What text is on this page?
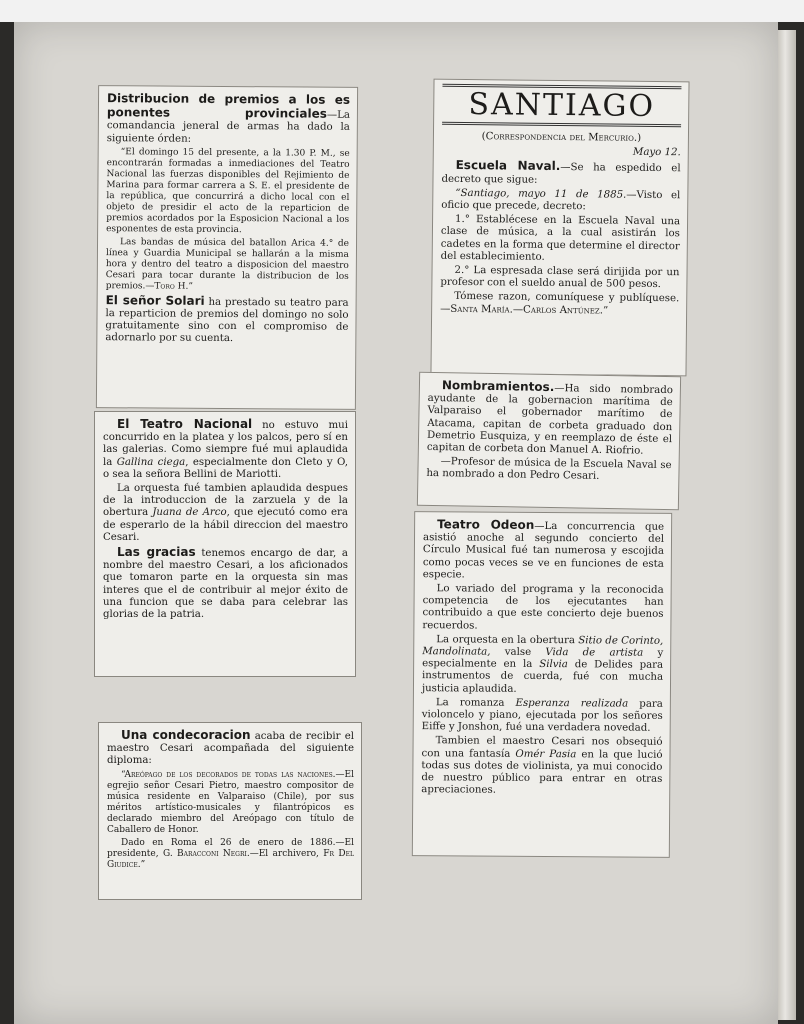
Distribucion de premios a los es ponentes provinciales—La comandancia jeneral de armas ha dado la siguiente órden:

“El domingo 15 del presente, a la 1.30 P. M., se encontrarán formadas a inmediaciones del Teatro Nacional las fuerzas disponibles del Rejimiento de Marina para formar carrera a S. E. el presidente de la república, que concurrirá a dicho local con el objeto de presidir el acto de la reparticion de premios acordados por la Esposicion Nacional a los esponentes de esta provincia.

Las bandas de música del batallon Arica 4.° de línea y Guardia Municipal se hallarán a la misma hora y dentro del teatro a disposicion del maestro Cesari para tocar durante la distribucion de los premios.—Toro H.”

El señor Solari ha prestado su teatro para la reparticion de premios del domingo no solo gratuitamente sino con el compromiso de adornarlo por su cuenta.

El Teatro Nacional no estuvo mui concurrido en la platea y los palcos, pero sí en las galerias. Como siempre fué mui aplaudida la Gallina ciega, especialmente don Cleto y O, o sea la señora Bellini de Mariotti.

La orquesta fué tambien aplaudida despues de la introduccion de la zarzuela y de la obertura Juana de Arco, que ejecutó como era de esperarlo de la hábil direccion del maestro Cesari.

Las gracias tenemos encargo de dar, a nombre del maestro Cesari, a los aficionados que tomaron parte en la orquesta sin mas interes que el de contribuir al mejor éxito de una funcion que se daba para celebrar las glorias de la patria.

Una condecoracion acaba de recibir el maestro Cesari acompañada del siguiente diploma:

“Areópago de los decorados de todas las naciones.—El egrejio señor Cesari Pietro, maestro compositor de música residente en Valparaiso (Chile), por sus méritos artístico-musicales y filantrópicos es declarado miembro del Areópago con título de Caballero de Honor.

Dado en Roma el 26 de enero de 1886.—El presidente, G. Baracconi Negri.—El archivero, Fr Del Giudice.”

SANTIAGO

(Correspondencia del Mercurio.)

Mayo 12.

Escuela Naval.—Se ha espedido el decreto que sigue:

“Santiago, mayo 11 de 1885.—Visto el oficio que precede, decreto:

1.° Establécese en la Escuela Naval una clase de música, a la cual asistirán los cadetes en la forma que determine el director del establecimiento.

2.° La espresada clase será dirijida por un profesor con el sueldo anual de 500 pesos.

Tómese razon, comuníquese y publíquese.—Santa María.—Carlos Antúnez.”

Nombramientos.—Ha sido nombrado ayudante de la gobernacion marítima de Valparaiso el gobernador marítimo de Atacama, capitan de corbeta graduado don Demetrio Eusquiza, y en reemplazo de éste el capitan de corbeta don Manuel A. Riofrio.

—Profesor de música de la Escuela Naval se ha nombrado a don Pedro Cesari.

Teatro Odeon—La concurrencia que asistió anoche al segundo concierto del Círculo Musical fué tan numerosa y escojida como pocas veces se ve en funciones de esta especie.

Lo variado del programa y la reconocida competencia de los ejecutantes han contribuido a que este concierto deje buenos recuerdos.

La orquesta en la obertura Sitio de Corinto, Mandolinata, valse Vida de artista y especialmente en la Silvia de Delides para instrumentos de cuerda, fué con mucha justicia aplaudida.

La romanza Esperanza realizada para violoncelo y piano, ejecutada por los señores Eiffe y Jonshon, fué una verdadera novedad.

Tambien el maestro Cesari nos obsequió con una fantasía Omér Pasia en la que lució todas sus dotes de violinista, ya mui conocido de nuestro público para entrar en otras apreciaciones.
